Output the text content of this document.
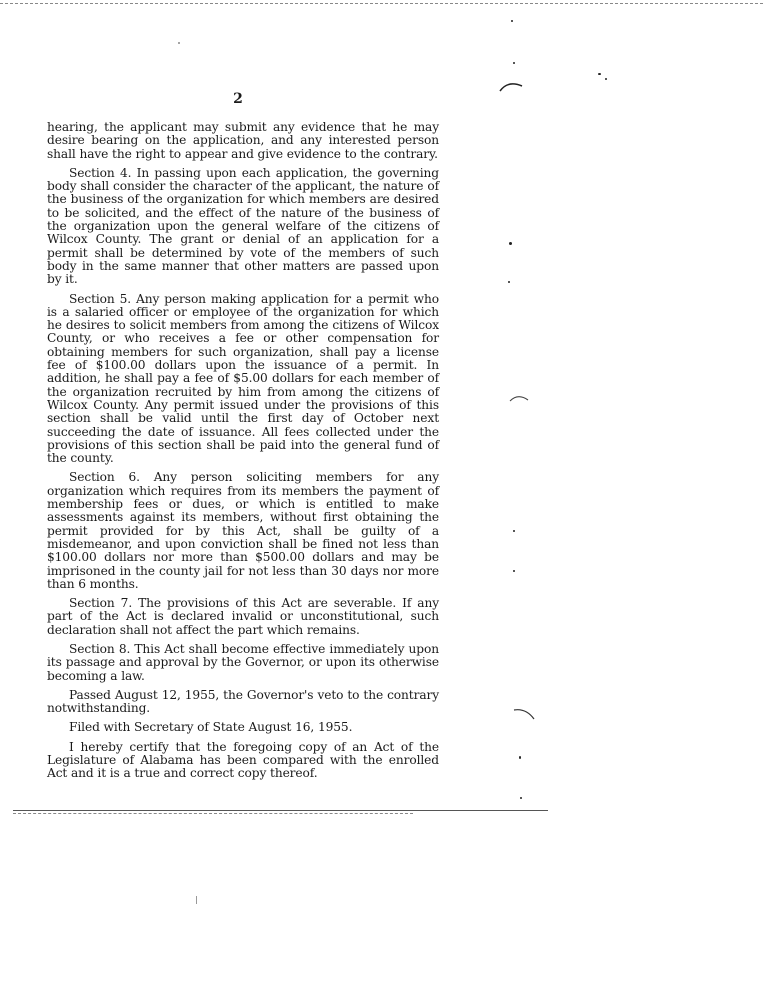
2

hearing, the applicant may submit any evidence that he may desire bearing on the application, and any interested person shall have the right to appear and give evidence to the contrary.

Section 4. In passing upon each application, the governing body shall consider the character of the applicant, the nature of the business of the organization for which members are desired to be solicited, and the effect of the nature of the business of the organization upon the general welfare of the citizens of Wilcox County. The grant or denial of an application for a permit shall be determined by vote of the members of such body in the same manner that other matters are passed upon by it.

Section 5. Any person making application for a permit who is a salaried officer or employee of the organization for which he desires to solicit members from among the citizens of Wilcox County, or who receives a fee or other compensation for obtaining members for such organization, shall pay a license fee of $100.00 dollars upon the issuance of a permit. In addition, he shall pay a fee of $5.00 dollars for each member of the organization recruited by him from among the citizens of Wilcox County. Any permit issued under the provisions of this section shall be valid until the first day of October next succeeding the date of issuance. All fees collected under the provisions of this section shall be paid into the general fund of the county.

Section 6. Any person soliciting members for any organization which requires from its members the payment of membership fees or dues, or which is entitled to make assessments against its members, without first obtaining the permit provided for by this Act, shall be guilty of a misdemeanor, and upon conviction shall be fined not less than $100.00 dollars nor more than $500.00 dollars and may be imprisoned in the county jail for not less than 30 days nor more than 6 months.

Section 7. The provisions of this Act are severable. If any part of the Act is declared invalid or unconstitutional, such declaration shall not affect the part which remains.

Section 8. This Act shall become effective immediately upon its passage and approval by the Governor, or upon its otherwise becoming a law.

Passed August 12, 1955, the Governor's veto to the contrary notwithstanding.

Filed with Secretary of State August 16, 1955.

I hereby certify that the foregoing copy of an Act of the Legislature of Alabama has been compared with the enrolled Act and it is a true and correct copy thereof.
